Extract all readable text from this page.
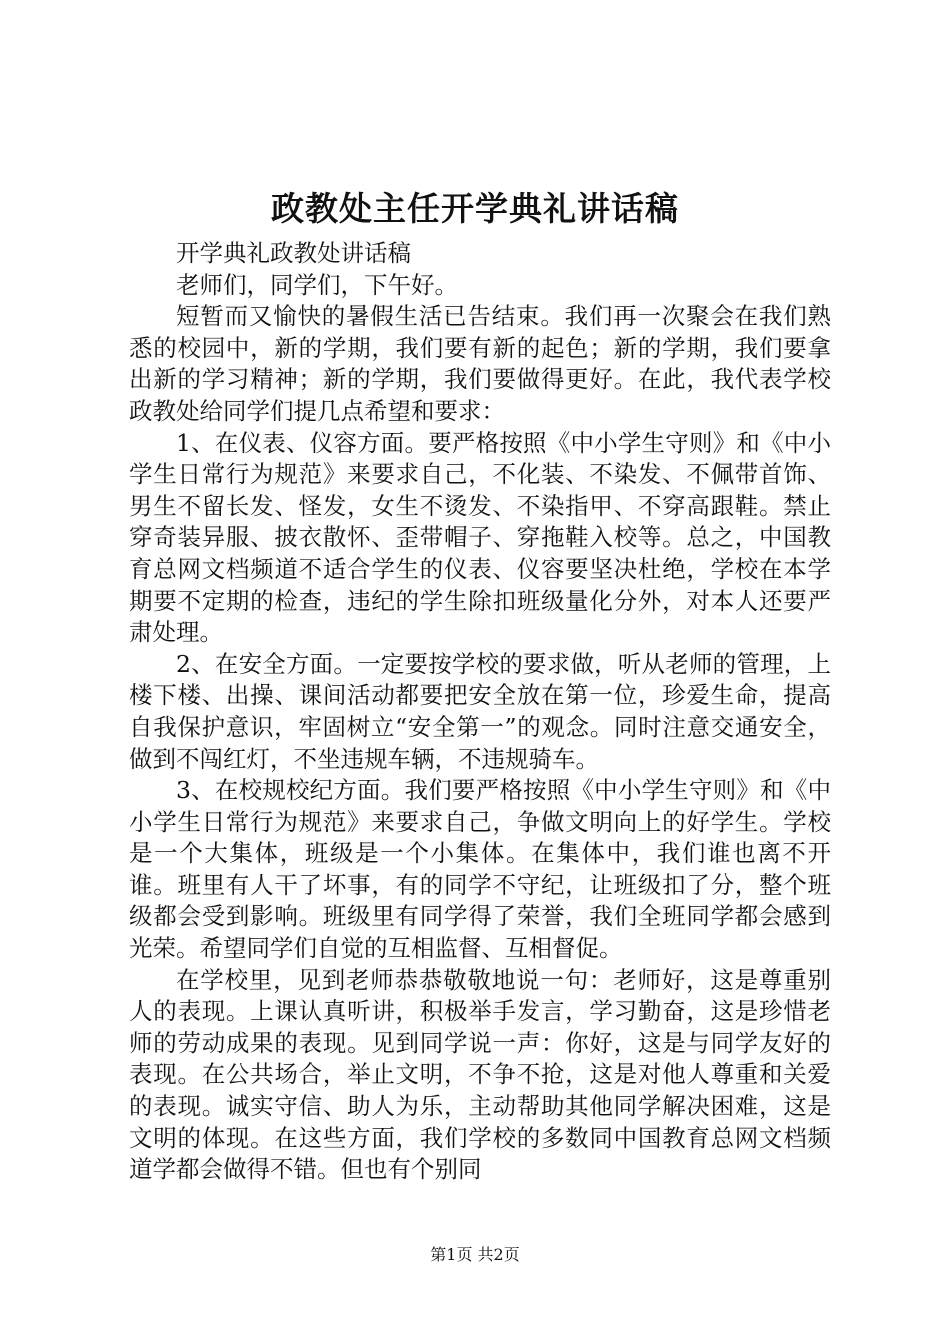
政教处主任开学典礼讲话稿

开学典礼政教处讲话稿

老师们，同学们，下午好。

短暂而又愉快的暑假生活已告结束。我们再一次聚会在我们熟悉的校园中，新的学期，我们要有新的起色；新的学期，我们要拿出新的学习精神；新的学期，我们要做得更好。在此，我代表学校政教处给同学们提几点希望和要求：

1、在仪表、仪容方面。要严格按照《中小学生守则》和《中小学生日常行为规范》来要求自己，不化装、不染发、不佩带首饰、男生不留长发、怪发，女生不烫发、不染指甲、不穿高跟鞋。禁止穿奇装异服、披衣散怀、歪带帽子、穿拖鞋入校等。总之，中国教育总网文档频道不适合学生的仪表、仪容要坚决杜绝，学校在本学期要不定期的检查，违纪的学生除扣班级量化分外，对本人还要严肃处理。

2、在安全方面。一定要按学校的要求做，听从老师的管理，上楼下楼、出操、课间活动都要把安全放在第一位，珍爱生命，提高自我保护意识，牢固树立“安全第一”的观念。同时注意交通安全，做到不闯红灯，不坐违规车辆，不违规骑车。

3、在校规校纪方面。我们要严格按照《中小学生守则》和《中小学生日常行为规范》来要求自己，争做文明向上的好学生。学校是一个大集体，班级是一个小集体。在集体中，我们谁也离不开谁。班里有人干了坏事，有的同学不守纪，让班级扣了分，整个班级都会受到影响。班级里有同学得了荣誉，我们全班同学都会感到光荣。希望同学们自觉的互相监督、互相督促。

在学校里，见到老师恭恭敬敬地说一句：老师好，这是尊重别人的表现。上课认真听讲，积极举手发言，学习勤奋，这是珍惜老师的劳动成果的表现。见到同学说一声：你好，这是与同学友好的表现。在公共场合，举止文明，不争不抢，这是对他人尊重和关爱的表现。诚实守信、助人为乐，主动帮助其他同学解决困难，这是文明的体现。在这些方面，我们学校的多数同中国教育总网文档频道学都会做得不错。但也有个别同

第1页 共2页
